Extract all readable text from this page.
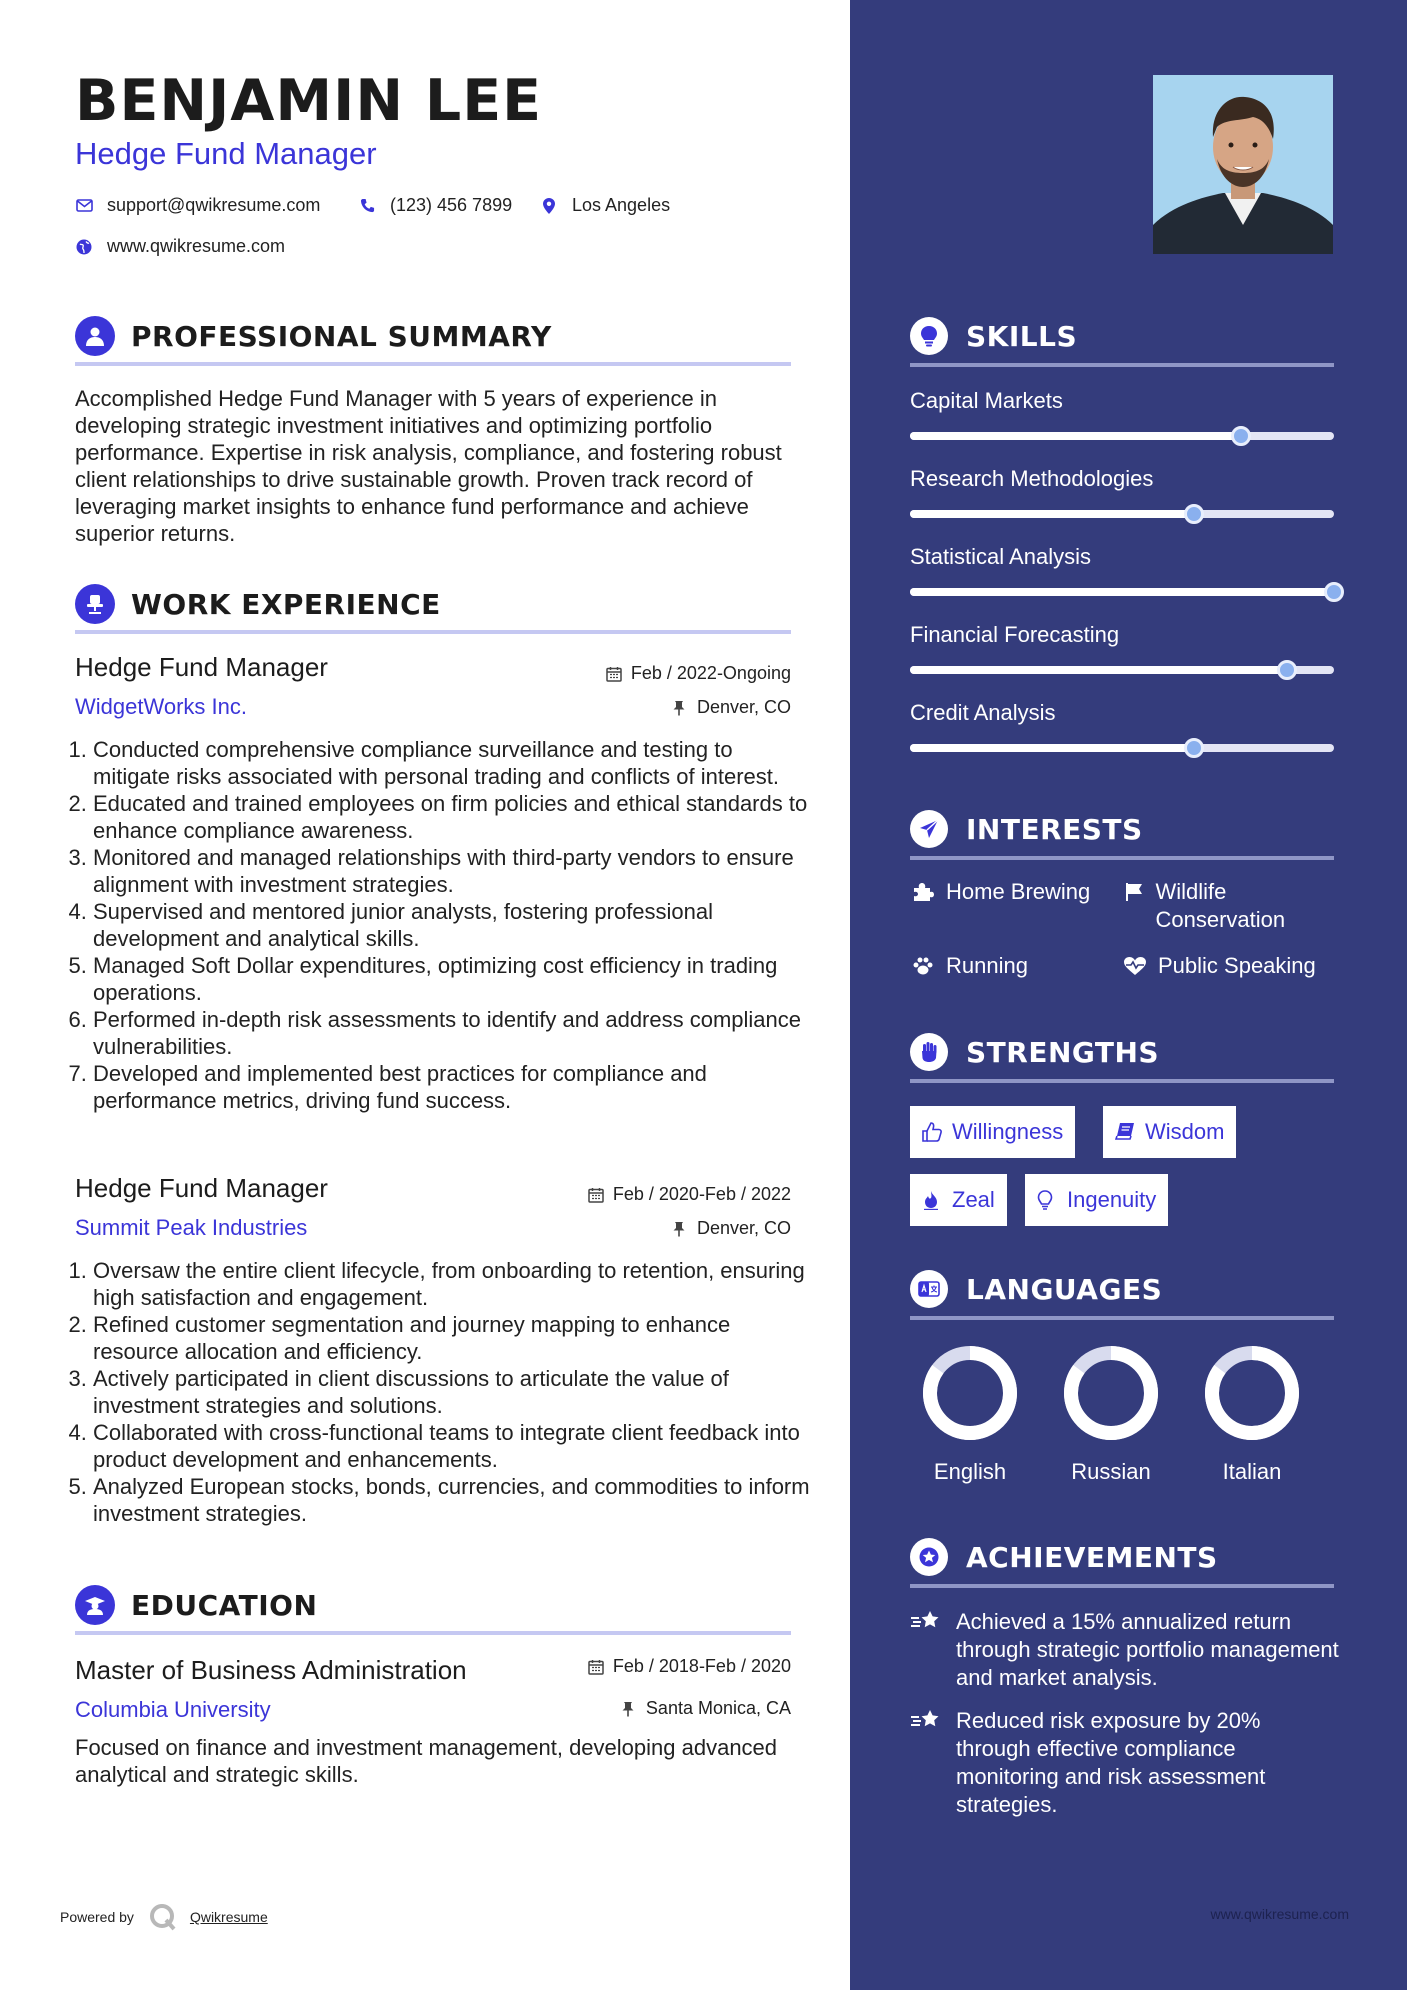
BENJAMIN LEE
Hedge Fund Manager
support@qwikresume.com	(123) 456 7899	Los Angeles
www.qwikresume.com
PROFESSIONAL SUMMARY

Accomplished Hedge Fund Manager with 5 years of experience in developing strategic investment initiatives and optimizing portfolio performance. Expertise in risk analysis, compliance, and fostering robust client relationships to drive sustainable growth. Proven track record of leveraging market insights to enhance fund performance and achieve superior returns.

WORK EXPERIENCE
Hedge Fund Manager	Feb / 2022-Ongoing
WidgetWorks Inc.	Denver, CO
1. Conducted comprehensive compliance surveillance and testing to mitigate risks associated with personal trading and conflicts of interest.
2. Educated and trained employees on firm policies and ethical standards to enhance compliance awareness.
3. Monitored and managed relationships with third-party vendors to ensure alignment with investment strategies.
4. Supervised and mentored junior analysts, fostering professional development and analytical skills.
5. Managed Soft Dollar expenditures, optimizing cost efficiency in trading operations.
6. Performed in-depth risk assessments to identify and address compliance vulnerabilities.
7. Developed and implemented best practices for compliance and performance metrics, driving fund success.
Hedge Fund Manager	Feb / 2020-Feb / 2022
Summit Peak Industries	Denver, CO
1. Oversaw the entire client lifecycle, from onboarding to retention, ensuring high satisfaction and engagement.
2. Refined customer segmentation and journey mapping to enhance resource allocation and efficiency.
3. Actively participated in client discussions to articulate the value of investment strategies and solutions.
4. Collaborated with cross-functional teams to integrate client feedback into product development and enhancements.
5. Analyzed European stocks, bonds, currencies, and commodities to inform investment strategies.
EDUCATION
Master of Business Administration	Feb / 2018-Feb / 2020
Columbia University	Santa Monica, CA

Focused on finance and investment management, developing advanced analytical and strategic skills.

Powered by	Qwikresume	www.qwikresume.com
SKILLS
Capital Markets
Research Methodologies
Statistical Analysis
Financial Forecasting
Credit Analysis
INTERESTS
Home Brewing	Wildlife Conservation
Running	Public Speaking
STRENGTHS
Willingness	Wisdom
Zeal	Ingenuity
LANGUAGES
English	Russian	Italian
ACHIEVEMENTS
Achieved a 15% annualized return through strategic portfolio management and market analysis.
Reduced risk exposure by 20% through effective compliance monitoring and risk assessment strategies.
